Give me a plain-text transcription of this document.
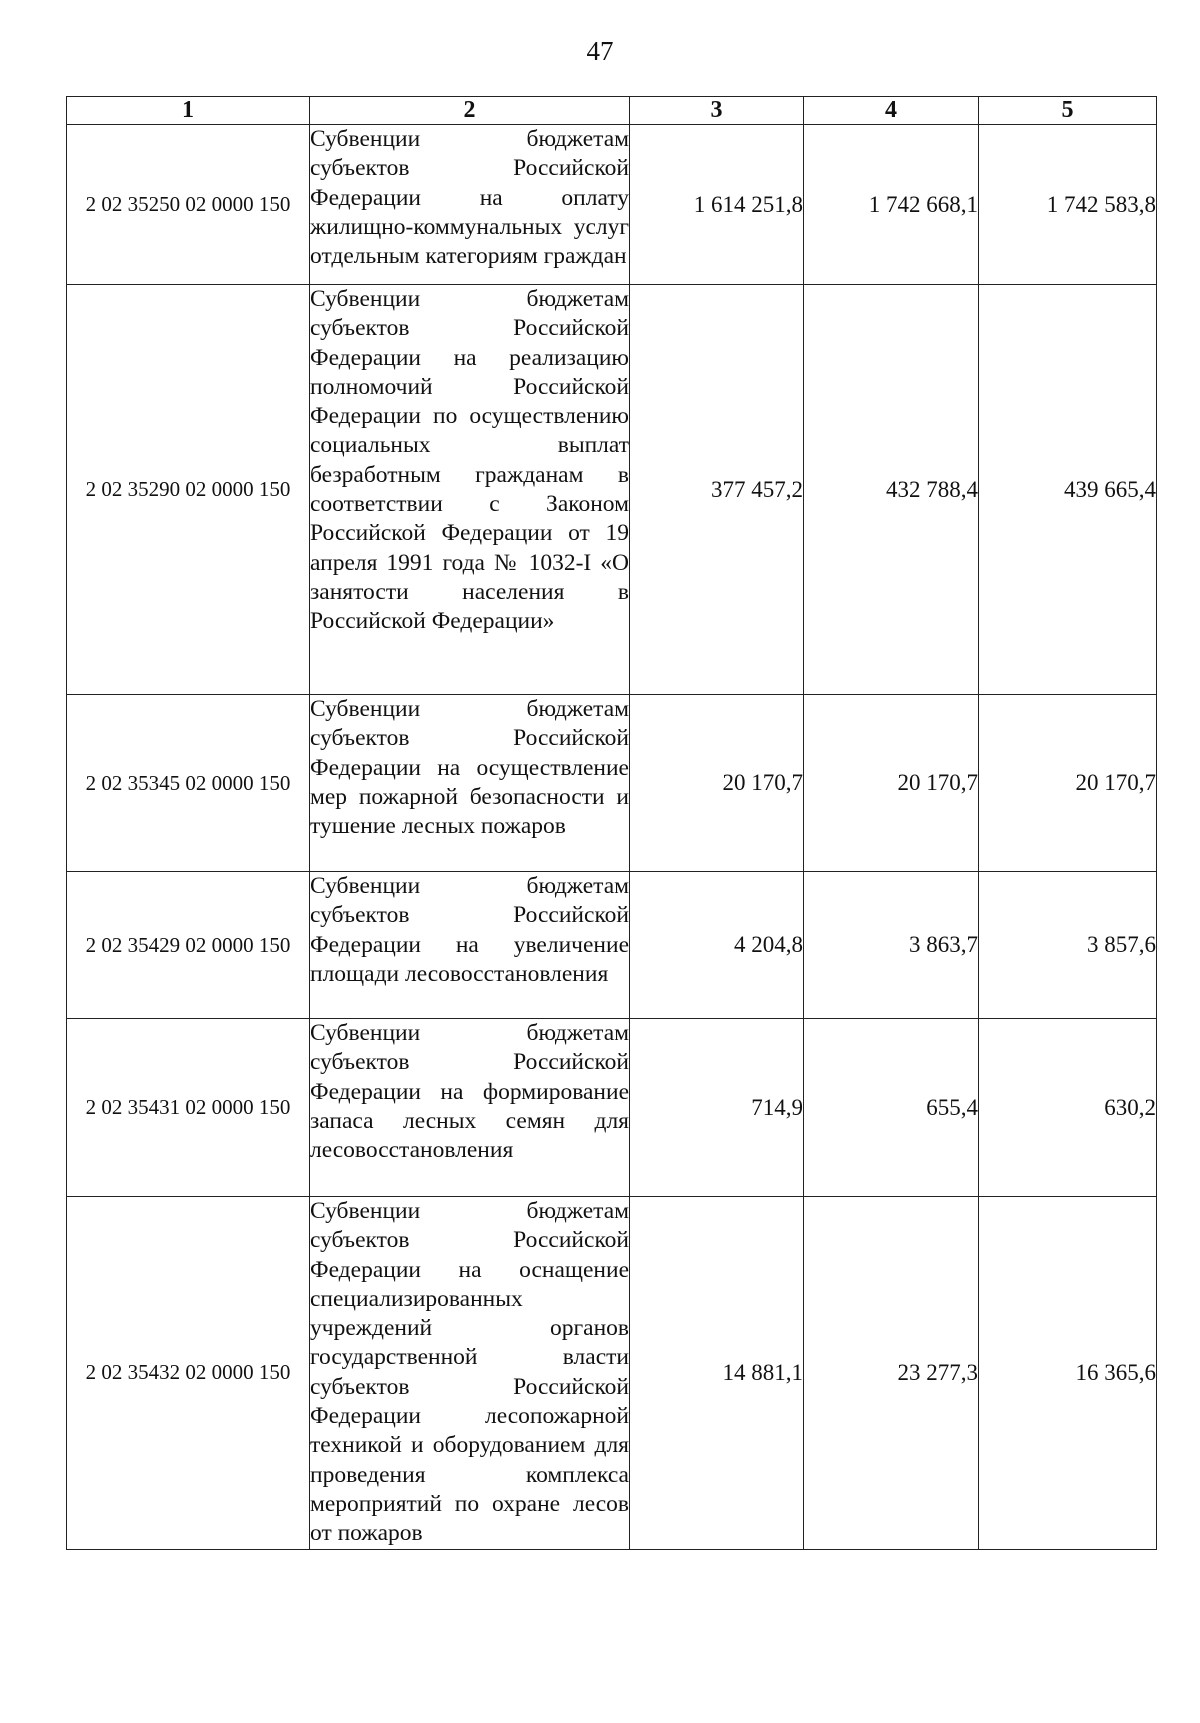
47
1	2	3	4	5
2 02 35250 02 0000 150	Субвенции бюджетам субъектов Российской Федерации на оплату жилищно-коммунальных услуг отдельным категориям граждан	1 614 251,8	1 742 668,1	1 742 583,8
2 02 35290 02 0000 150	Субвенции бюджетам субъектов Российской Федерации на реализацию полномочий Российской Федерации по осуществлению социальных выплат безработным гражданам в соответствии с Законом Российской Федерации от 19 апреля 1991 года № 1032-I «О занятости населения в Российской Федерации»	377 457,2	432 788,4	439 665,4
2 02 35345 02 0000 150	Субвенции бюджетам субъектов Российской Федерации на осуществление мер пожарной безопасности и тушение лесных пожаров	20 170,7	20 170,7	20 170,7
2 02 35429 02 0000 150	Субвенции бюджетам субъектов Российской Федерации на увеличение площади лесовосстановления	4 204,8	3 863,7	3 857,6
2 02 35431 02 0000 150	Субвенции бюджетам субъектов Российской Федерации на формирование запаса лесных семян для лесовосстановления	714,9	655,4	630,2
2 02 35432 02 0000 150	Субвенции бюджетам субъектов Российской Федерации на оснащение специализированных учреждений органов государственной власти субъектов Российской Федерации лесопожарной техникой и оборудованием для проведения комплекса мероприятий по охране лесов от пожаров	14 881,1	23 277,3	16 365,6
